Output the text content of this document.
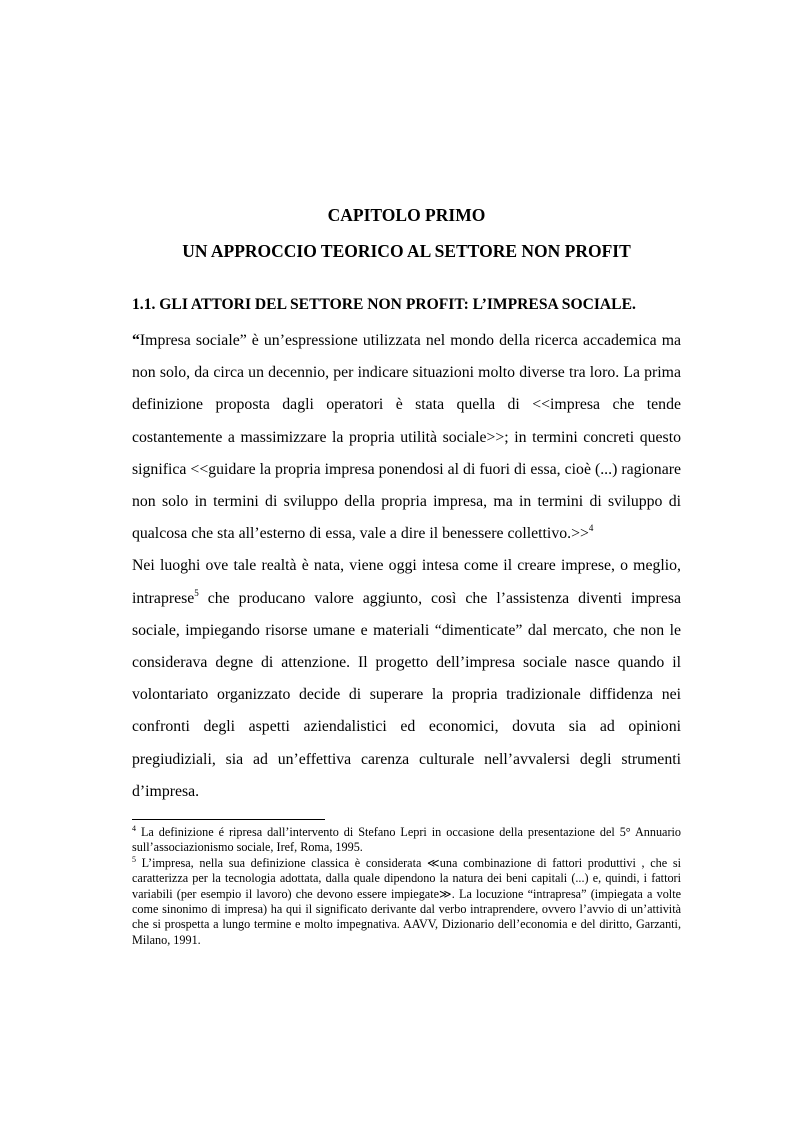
CAPITOLO PRIMO
UN APPROCCIO TEORICO AL SETTORE NON PROFIT
1.1. GLI ATTORI DEL SETTORE NON PROFIT: L’IMPRESA SOCIALE.

“Impresa sociale” è un’espressione utilizzata nel mondo della ricerca accademica ma non solo, da circa un decennio, per indicare situazioni molto diverse tra loro. La prima definizione proposta dagli operatori è stata quella di <<impresa che tende costantemente a massimizzare la propria utilità sociale>>; in termini concreti questo significa <<guidare la propria impresa ponendosi al di fuori di essa, cioè (...) ragionare non solo in termini di sviluppo della propria impresa, ma in termini di sviluppo di qualcosa che sta all’esterno di essa, vale a dire il benessere collettivo.>>$^4$

Nei luoghi ove tale realtà è nata, viene oggi intesa come il creare imprese, o meglio, intraprese$^5$ che producano valore aggiunto, così che l’assistenza diventi impresa sociale, impiegando risorse umane e materiali “dimenticate” dal mercato, che non le considerava degne di attenzione. Il progetto dell’impresa sociale nasce quando il volontariato organizzato decide di superare la propria tradizionale diffidenza nei confronti degli aspetti aziendalistici ed economici, dovuta sia ad opinioni pregiudiziali, sia ad un’effettiva carenza culturale nell’avvalersi degli strumenti d’impresa.

$^4$ La definizione é ripresa dall’intervento di Stefano Lepri in occasione della presentazione del 5° Annuario sull’associazionismo sociale, Iref, Roma, 1995.

$^5$ L’impresa, nella sua definizione classica è considerata ≪una combinazione di fattori produttivi , che si caratterizza per la tecnologia adottata, dalla quale dipendono la natura dei beni capitali (...) e, quindi, i fattori variabili (per esempio il lavoro) che devono essere impiegate≫. La locuzione “intrapresa” (impiegata a volte come sinonimo di impresa) ha qui il significato derivante dal verbo intraprendere, ovvero l’avvio di un’attività che si prospetta a lungo termine e molto impegnativa. AAVV, Dizionario dell’economia e del diritto, Garzanti, Milano, 1991.
